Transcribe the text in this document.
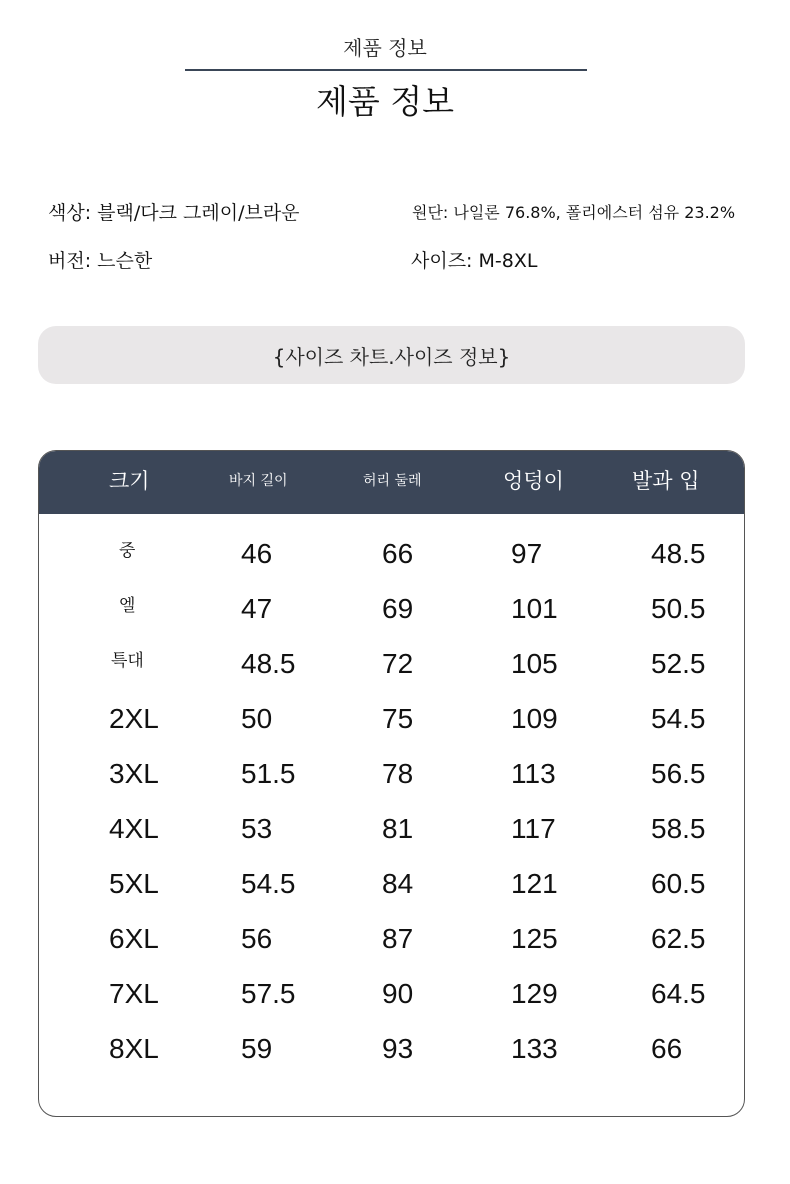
제품 정보
제품 정보
색상: 블랙/다크 그레이/브라운	원단: 나일론 76.8%, 폴리에스터 섬유 23.2%
버전: 느슨한	사이즈: M-8XL
{사이즈 차트.사이즈 정보}
크기	바지 길이	허리 둘레	엉덩이	발과 입
중	46	66	97	48.5
엘	47	69	101	50.5
특대	48.5	72	105	52.5
2XL	50	75	109	54.5
3XL	51.5	78	113	56.5
4XL	53	81	117	58.5
5XL	54.5	84	121	60.5
6XL	56	87	125	62.5
7XL	57.5	90	129	64.5
8XL	59	93	133	66
